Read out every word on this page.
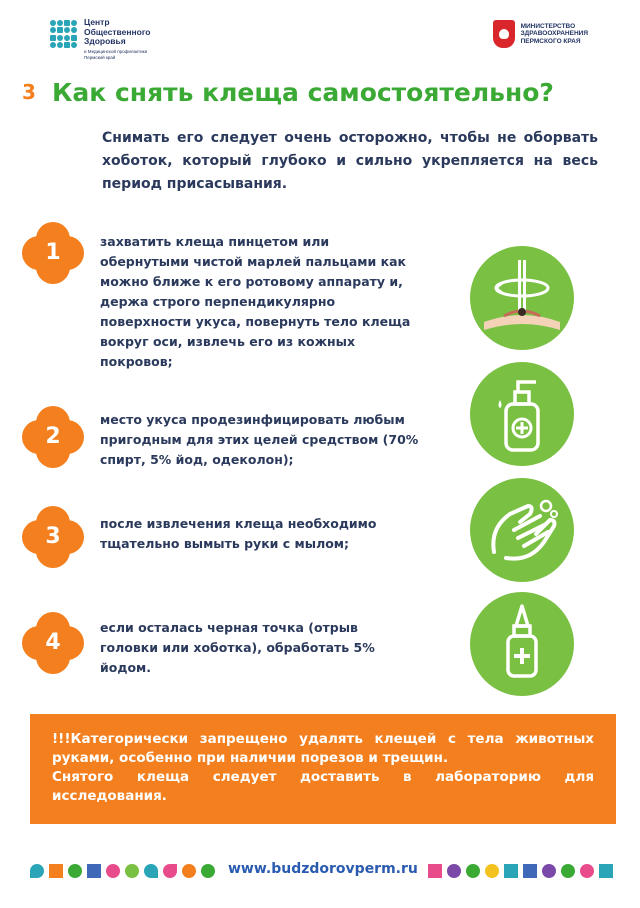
Центр
Общественного
Здоровья
и Медицинской профилактики Пермский край
МИНИСТЕРСТВО
ЗДРАВООХРАНЕНИЯ
ПЕРМСКОГО КРАЯ
3 Как снять клеща самостоятельно?
Снимать его следует очень осторожно, чтобы не оборвать хоботок, который глубоко и сильно укрепляется на весь период присасывания.
1	захватить клеща пинцетом или обернутыми чистой марлей пальцами как можно ближе к его ротовому аппарату и, держа строго перпендикулярно поверхности укуса, повернуть тело клеща вокруг оси, извлечь его из кожных покровов;
2
место укуса продезинфицировать любым пригодным для этих целей средством (70% спирт, 5% йод, одеколон);
3
после извлечения клеща необходимо тщательно вымыть руки с мылом;
4
если осталась черная точка (отрыв головки или хоботка), обработать 5% йодом.
!!!Категорически запрещено удалять клещей с тела животных руками, особенно при наличии порезов и трещин.
Снятого клеща следует доставить в лабораторию для исследования.
www.budzdorovperm.ru
